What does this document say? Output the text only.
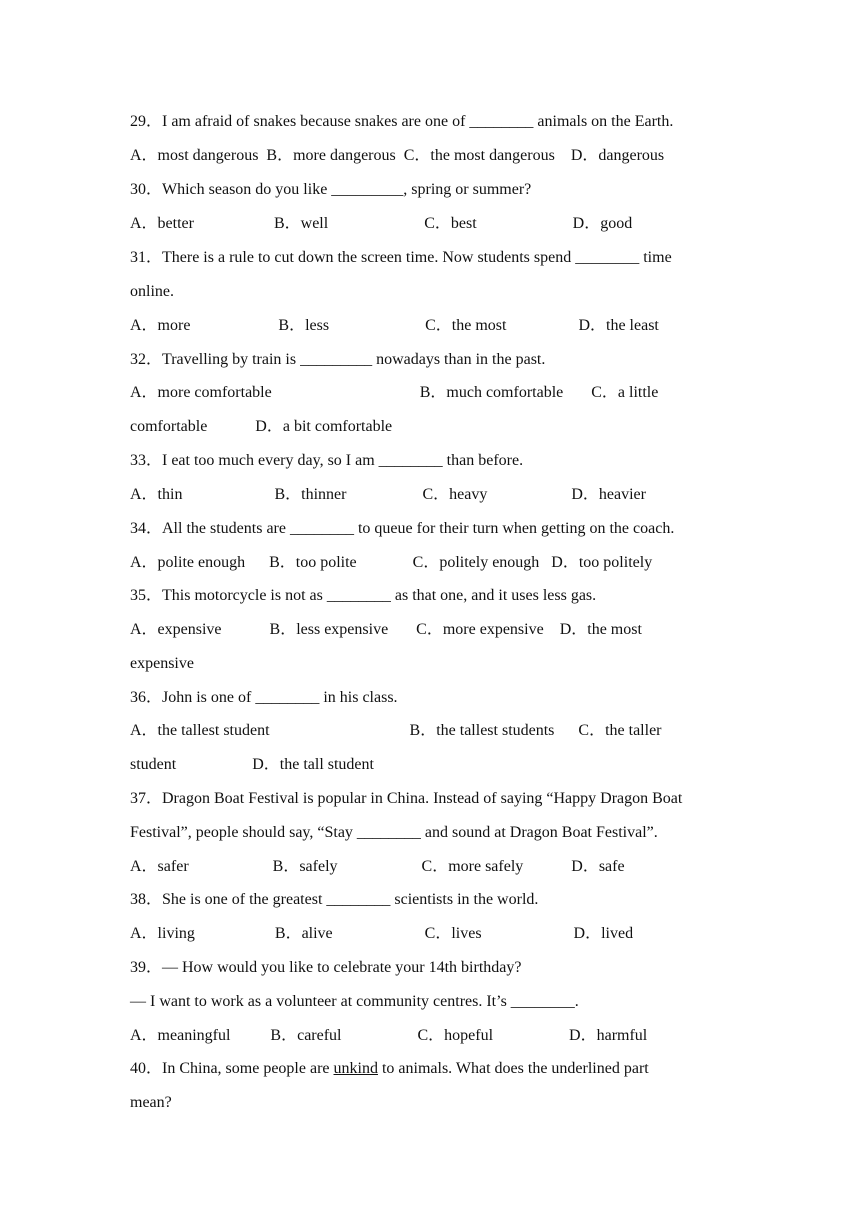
29．I am afraid of snakes because snakes are one of ________ animals on the Earth.
A．most dangerous  B．more dangerous  C．the most dangerous    D．dangerous
30．Which season do you like _________, spring or summer?
A．better                    B．well                        C．best                        D．good
31．There is a rule to cut down the screen time. Now students spend ________ time
online.
A．more                      B．less                        C．the most                  D．the least
32．Travelling by train is _________ nowadays than in the past.
A．more comfortable                                     B．much comfortable       C．a little
comfortable            D．a bit comfortable
33．I eat too much every day, so I am ________ than before.
A．thin                       B．thinner                   C．heavy                     D．heavier
34．All the students are ________ to queue for their turn when getting on the coach.
A．polite enough      B．too polite              C．politely enough   D．too politely
35．This motorcycle is not as ________ as that one, and it uses less gas.
A．expensive            B．less expensive       C．more expensive    D．the most
expensive
36．John is one of ________ in his class.
A．the tallest student                                   B．the tallest students      C．the taller
student                   D．the tall student
37．Dragon Boat Festival is popular in China. Instead of saying “Happy Dragon Boat
Festival”, people should say, “Stay ________ and sound at Dragon Boat Festival”.
A．safer                     B．safely                     C．more safely            D．safe
38．She is one of the greatest ________ scientists in the world.
A．living                    B．alive                       C．lives                       D．lived
39．— How would you like to celebrate your 14th birthday?
— I want to work as a volunteer at community centres. It’s ________.
A．meaningful          B．careful                   C．hopeful                   D．harmful
40．In China, some people are unkind to animals. What does the underlined part
mean?
